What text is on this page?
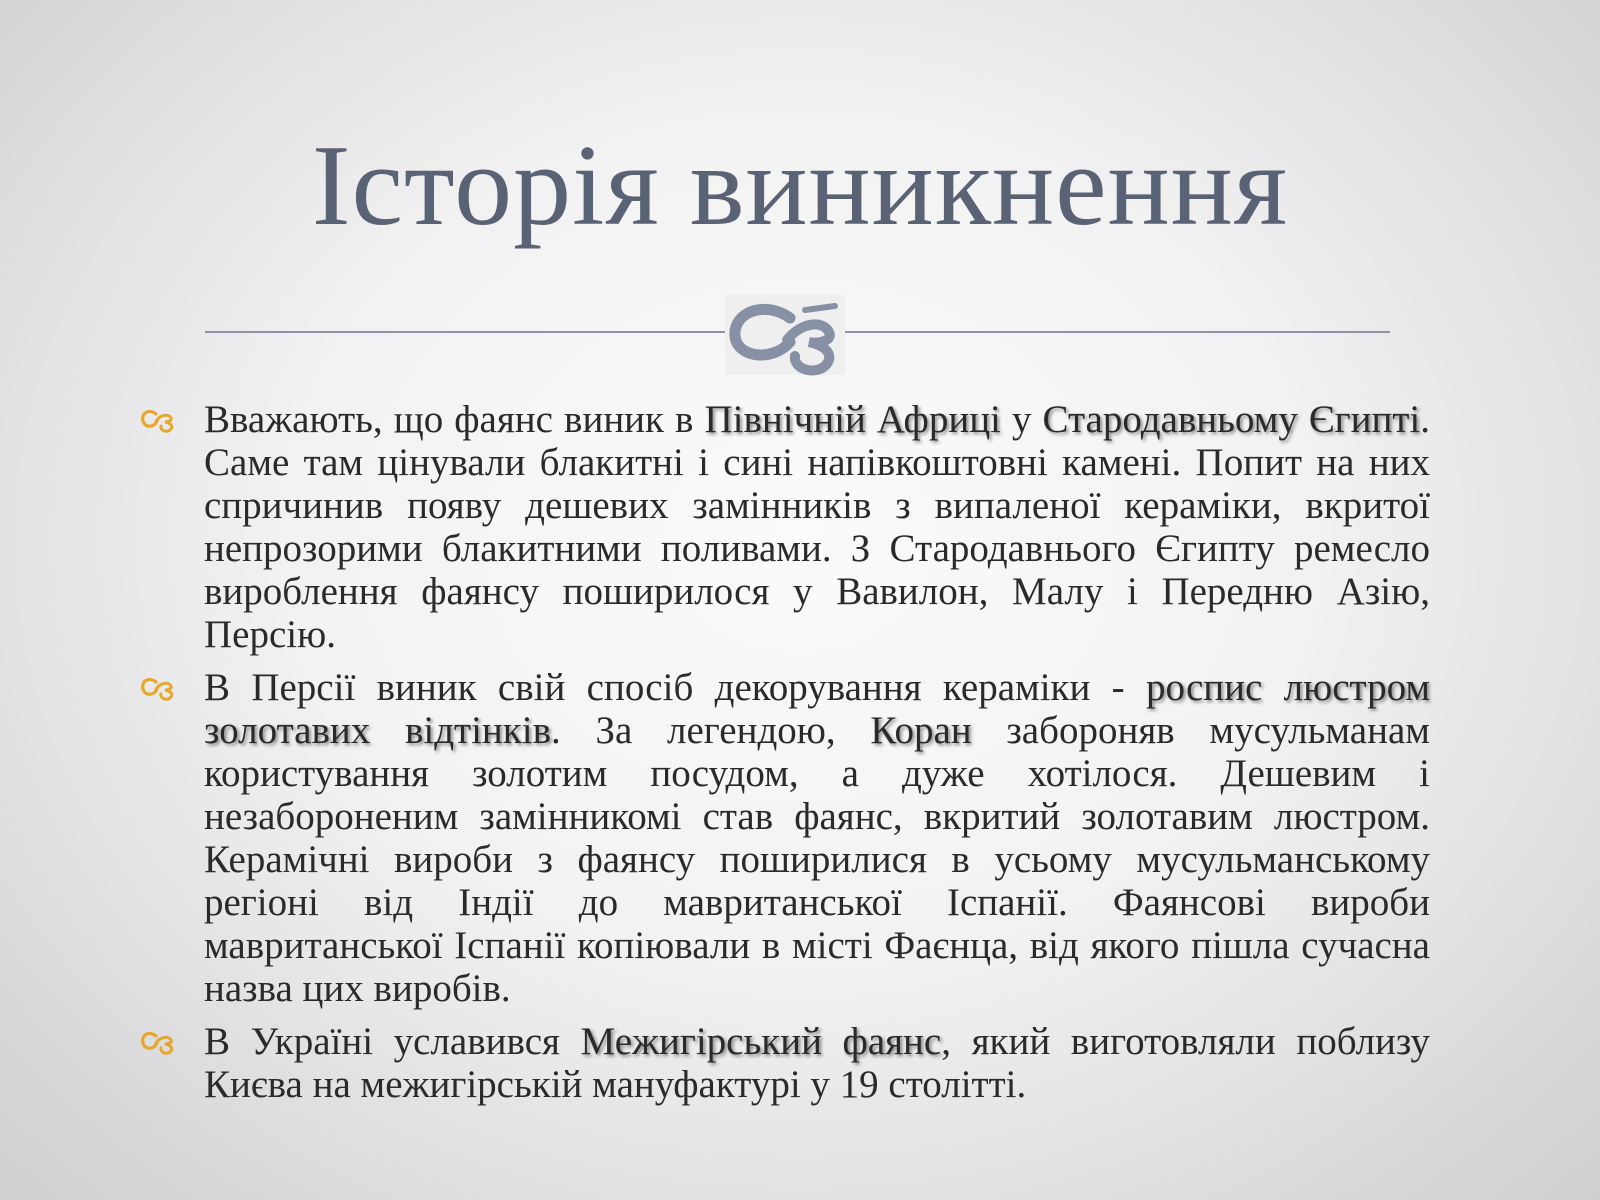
Історія виникнення
Вважають, що фаянс виник в Північній Африці у Стародавньому Єгипті. Саме там цінували блакитні і сині напівкоштовні камені. Попит на них спричинив появу дешевих замінників з випаленої кераміки, вкритої непрозорими блакитними поливами. З Стародавнього Єгипту ремесло вироблення фаянсу поширилося у Вавилон, Малу і Передню Азію, Персію.
В Персії виник свій спосіб декорування кераміки - роспис люстром золотавих відтінків. За легендою, Коран забороняв мусульманам користування золотим посудом, а дуже хотілося. Дешевим і незабороненим замінникомі став фаянс, вкритий золотавим люстром. Керамічні вироби з фаянсу поширилися в усьому мусульманському регіоні від Індії до мавританської Іспанії. Фаянсові вироби мавританської Іспанії копіювали в місті Фаєнца, від якого пішла сучасна назва цих виробів.
В Україні уславився Межигірський фаянс, який виготовляли поблизу Києва на межигірській мануфактурі у 19 столітті.
